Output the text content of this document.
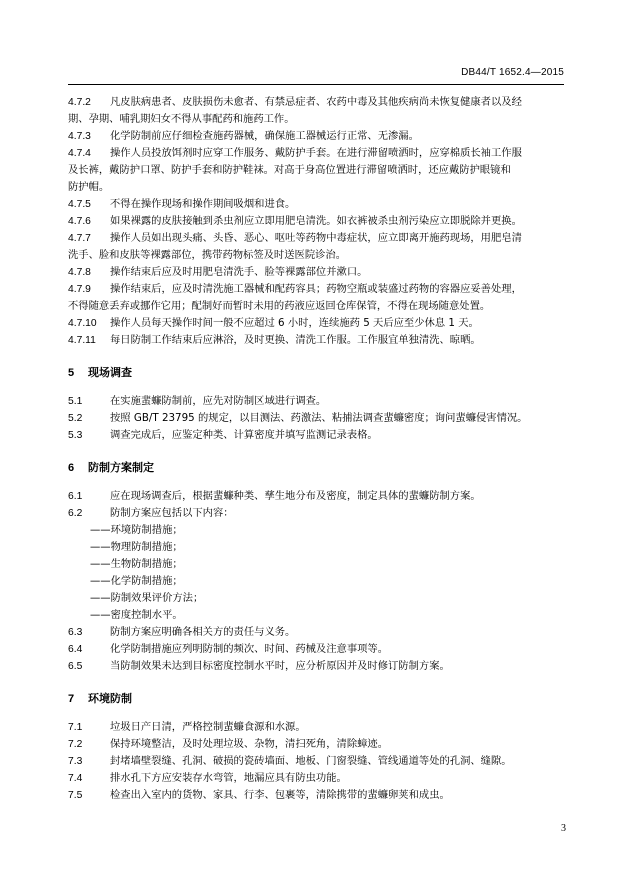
DB44/T 1652.4—2015
4.7.2 凡皮肤病患者、皮肤损伤未愈者、有禁忌症者、农药中毒及其他疾病尚未恢复健康者以及经
期、孕期、哺乳期妇女不得从事配药和施药工作。
4.7.3 化学防制前应仔细检查施药器械，确保施工器械运行正常、无渗漏。
4.7.4 操作人员投放饵剂时应穿工作服务、戴防护手套。在进行滞留喷洒时，应穿棉质长袖工作服
及长裤，戴防护口罩、防护手套和防护鞋袜。对高于身高位置进行滞留喷洒时，还应戴防护眼镜和
防护帽。
4.7.5 不得在操作现场和操作期间吸烟和进食。
4.7.6 如果裸露的皮肤接触到杀虫剂应立即用肥皂清洗。如衣裤被杀虫剂污染应立即脱除并更换。
4.7.7 操作人员如出现头痛、头昏、恶心、呕吐等药物中毒症状，应立即离开施药现场，用肥皂清
洗手、脸和皮肤等裸露部位，携带药物标签及时送医院诊治。
4.7.8 操作结束后应及时用肥皂清洗手、脸等裸露部位并漱口。
4.7.9 操作结束后，应及时清洗施工器械和配药容具；药物空瓶或装盛过药物的容器应妥善处理，
不得随意丢弃或挪作它用；配制好而暂时未用的药液应返回仓库保管，不得在现场随意处置。
4.7.10 操作人员每天操作时间一般不应超过 6 小时，连续施药 5 天后应至少休息 1 天。
4.7.11 每日防制工作结束后应淋浴，及时更换、清洗工作服。工作服宜单独清洗、晾晒。
5 现场调查
5.1	在实施蜚蠊防制前，应先对防制区域进行调查。
5.2	按照 GB/T 23795 的规定，以目测法、药激法、粘捕法调查蜚蠊密度；询问蜚蠊侵害情况。
5.3	调查完成后，应鉴定种类、计算密度并填写监测记录表格。
6 防制方案制定
6.1	应在现场调查后，根据蜚蠊种类、孳生地分布及密度，制定具体的蜚蠊防制方案。
6.2	防制方案应包括以下内容：
——环境防制措施；
——物理防制措施；
——生物防制措施；
——化学防制措施；
——防制效果评价方法；
——密度控制水平。
6.3	防制方案应明确各相关方的责任与义务。
6.4	化学防制措施应列明防制的频次、时间、药械及注意事项等。
6.5	当防制效果未达到目标密度控制水平时，应分析原因并及时修订防制方案。
7 环境防制
7.1	垃圾日产日清，严格控制蜚蠊食源和水源。
7.2	保持环境整洁，及时处理垃圾、杂物，清扫死角，清除蟑迹。
7.3	封堵墙壁裂缝、孔洞、破损的瓷砖墙面、地板、门窗裂缝、管线通道等处的孔洞、缝隙。
7.4	排水孔下方应安装存水弯管，地漏应具有防虫功能。
7.5	检查出入室内的货物、家具、行李、包裹等，清除携带的蜚蠊卵荚和成虫。
3
